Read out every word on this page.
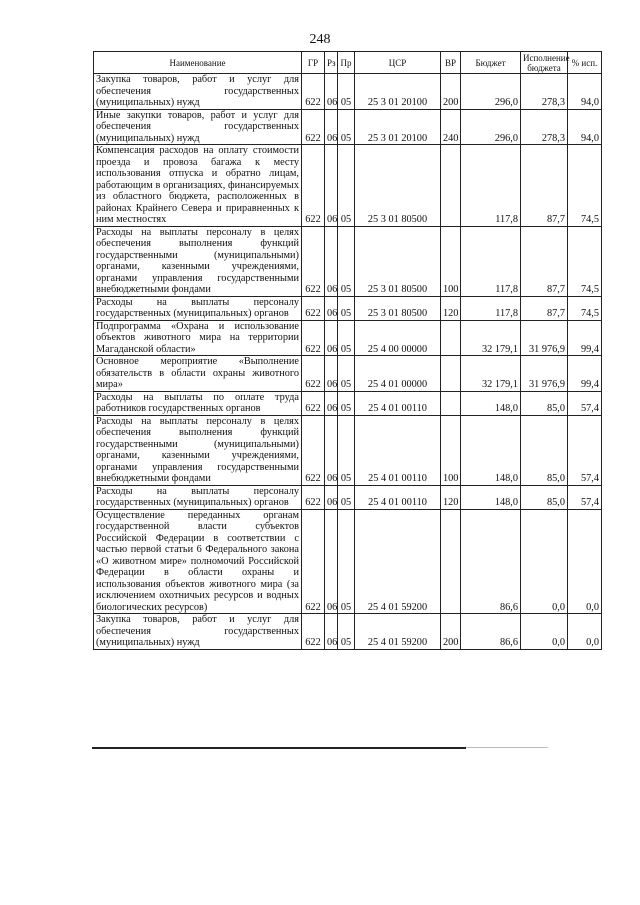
248
Наименование	ГР	Рз	Пр	ЦСР	ВР	Бюджет	Исполнение бюджета	% исп.
Закупка товаров, работ и услуг для обеспечения государственных (муниципальных) нужд	622	06	05	25 3 01 20100	200	296,0	278,3	94,0
Иные закупки товаров, работ и услуг для обеспечения государственных (муниципальных) нужд	622	06	05	25 3 01 20100	240	296,0	278,3	94,0
Компенсация расходов на оплату стоимости проезда и провоза багажа к месту использования отпуска и обратно лицам, работающим в организациях, финансируемых из областного бюджета, расположенных в районах Крайнего Севера и приравненных к ним местностях	622	06	05	25 3 01 80500		117,8	87,7	74,5
Расходы на выплаты персоналу в целях обеспечения выполнения функций государственными (муниципальными) органами, казенными учреждениями, органами управления государственными внебюджетными фондами	622	06	05	25 3 01 80500	100	117,8	87,7	74,5
Расходы на выплаты персоналу государственных (муниципальных) органов	622	06	05	25 3 01 80500	120	117,8	87,7	74,5
Подпрограмма «Охрана и использование объектов животного мира на территории Магаданской области»	622	06	05	25 4 00 00000		32 179,1	31 976,9	99,4
Основное мероприятие «Выполнение обязательств в области охраны животного мира»	622	06	05	25 4 01 00000		32 179,1	31 976,9	99,4
Расходы на выплаты по оплате труда работников государственных органов	622	06	05	25 4 01 00110		148,0	85,0	57,4
Расходы на выплаты персоналу в целях обеспечения выполнения функций государственными (муниципальными) органами, казенными учреждениями, органами управления государственными внебюджетными фондами	622	06	05	25 4 01 00110	100	148,0	85,0	57,4
Расходы на выплаты персоналу государственных (муниципальных) органов	622	06	05	25 4 01 00110	120	148,0	85,0	57,4
Осуществление переданных органам государственной власти субъектов Российской Федерации в соответствии с частью первой статьи 6 Федерального закона «О животном мире» полномочий Российской Федерации в области охраны и использования объектов животного мира (за исключением охотничьих ресурсов и водных биологических ресурсов)	622	06	05	25 4 01 59200		86,6	0,0	0,0
Закупка товаров, работ и услуг для обеспечения государственных (муниципальных) нужд	622	06	05	25 4 01 59200	200	86,6	0,0	0,0
